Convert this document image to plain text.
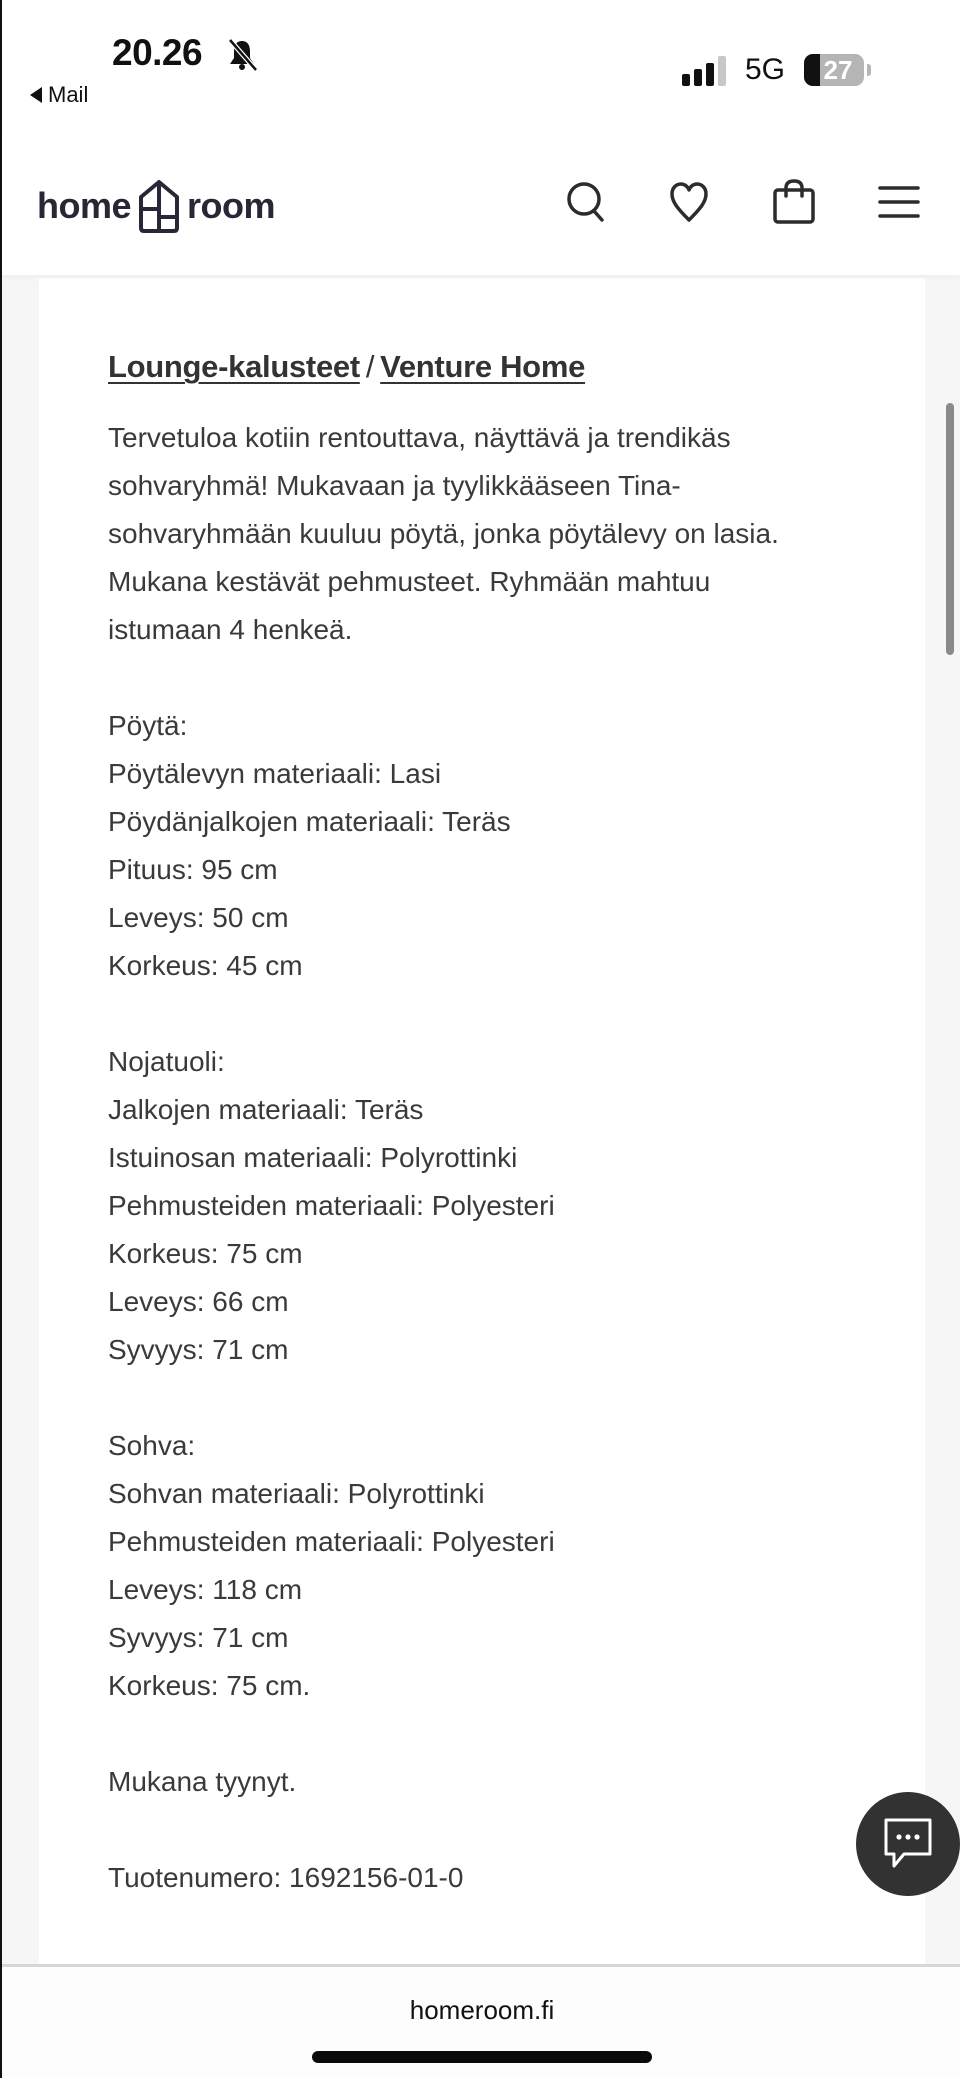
20.26
Mail
5G	27
home room
Lounge-kalusteet / Venture Home

Tervetuloa kotiin rentouttava, näyttävä ja trendikäs

sohvaryhmä! Mukavaan ja tyylikkääseen Tina-

sohvaryhmään kuuluu pöytä, jonka pöytälevy on lasia.

Mukana kestävät pehmusteet. Ryhmään mahtuu

istumaan 4 henkeä.

Pöytä:

Pöytälevyn materiaali: Lasi

Pöydänjalkojen materiaali: Teräs

Pituus: 95 cm

Leveys: 50 cm

Korkeus: 45 cm

Nojatuoli:

Jalkojen materiaali: Teräs

Istuinosan materiaali: Polyrottinki

Pehmusteiden materiaali: Polyesteri

Korkeus: 75 cm

Leveys: 66 cm

Syvyys: 71 cm

Sohva:

Sohvan materiaali: Polyrottinki

Pehmusteiden materiaali: Polyesteri

Leveys: 118 cm

Syvyys: 71 cm

Korkeus: 75 cm.

Mukana tyynyt.

Tuotenumero: 1692156-01-0

homeroom.fi
